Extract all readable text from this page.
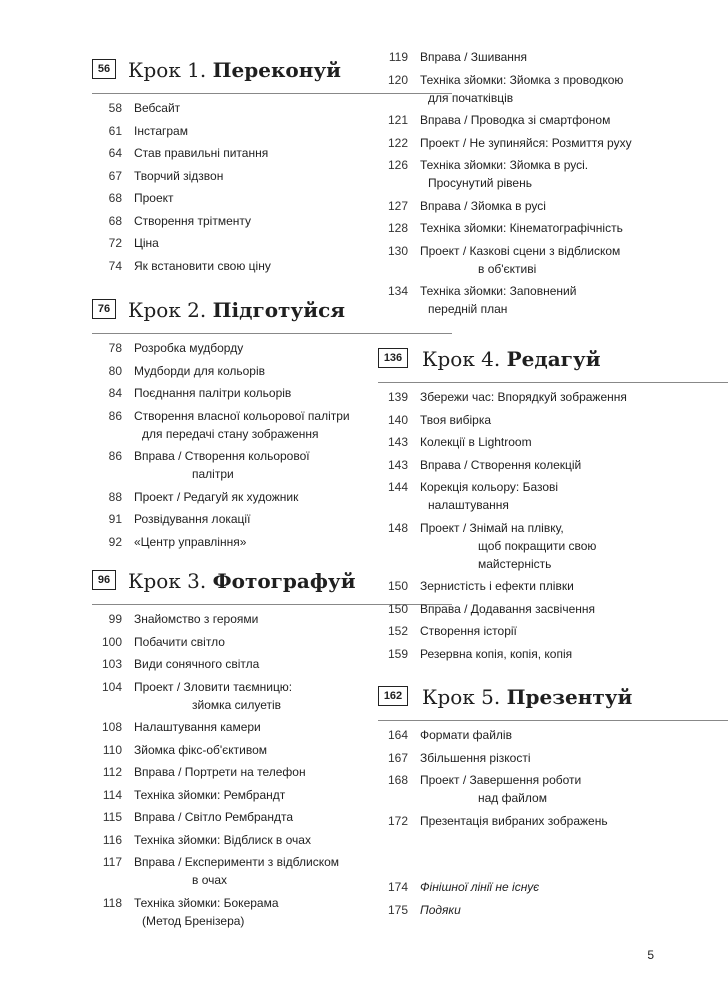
56 Крок 1. Переконуй
58 Вебсайт
61 Інстаграм
64 Став правильні питання
67 Творчий зідзвон
68 Проект
68 Створення трітменту
72 Ціна
74 Як встановити свою ціну
76 Крок 2. Підготуйся
78 Розробка мудборду
80 Мудборди для кольорів
84 Поєднання палітри кольорів
86 Створення власної кольорової палітри
для передачі стану зображення
86 Вправа / Створення кольорової
палітри
88 Проект / Редагуй як художник
91 Розвідування локації
92 «Центр управління»
96 Крок 3. Фотографуй
99 Знайомство з героями
100 Побачити світло
103 Види сонячного світла
104 Проект / Зловити таємницю:
зйомка силуетів
108 Налаштування камери
110 Зйомка фікс-об'єктивом
112 Вправа / Портрети на телефон
114 Техніка зйомки: Рембрандт
115 Вправа / Світло Рембрандта
116 Техніка зйомки: Відблиск в очах
117 Вправа / Експерименти з відблиском
в очах
118 Техніка зйомки: Бокерама
(Метод Бренізера)
119 Вправа / Зшивання
120 Техніка зйомки: Зйомка з проводкою
для початківців
121 Вправа / Проводка зі смартфоном
122 Проект / Не зупиняйся: Розмиття руху
126 Техніка зйомки: Зйомка в русі.
Просунутий рівень
127 Вправа / Зйомка в русі
128 Техніка зйомки: Кінематографічність
130 Проект / Казкові сцени з відблиском
в об'єктиві
134 Техніка зйомки: Заповнений
передній план
136 Крок 4. Редагуй
139 Збережи час: Впорядкуй зображення
140 Твоя вибірка
143 Колекції в Lightroom
143 Вправа / Створення колекцій
144 Корекція кольору: Базові
налаштування
148 Проект / Знімай на плівку,
щоб покращити свою
майстерність
150 Зернистість і ефекти плівки
150 Вправа / Додавання засвічення
152 Створення історії
159 Резервна копія, копія, копія
162 Крок 5. Презентуй
164 Формати файлів
167 Збільшення різкості
168 Проект / Завершення роботи
над файлом
172 Презентація вибраних зображень
174 Фінішної лінії не існує
175 Подяки
5
